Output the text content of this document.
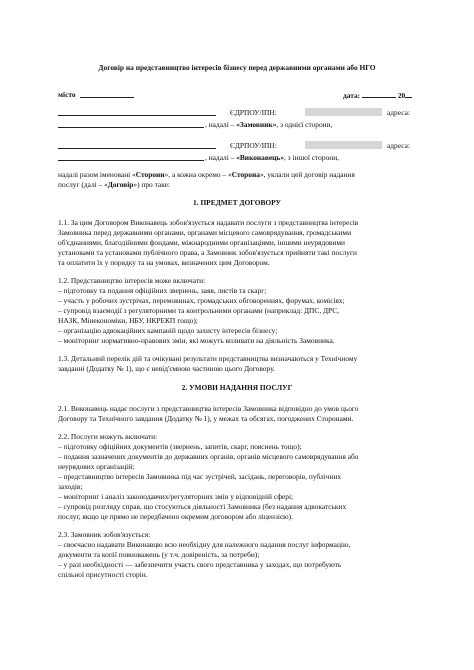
Договір на представництво інтересів бізнесу перед державними органами або НГО
місто	дата:	20
ЄДРПОУ/ІПН:	адреса:
, надалі – «Замовник», з однієї сторони,
ЄДРПОУ/ІПН:	адреса:
, надалі – «Виконавець», з іншої сторони,
надалі разом іменовані «Сторони», а кожна окремо – «Сторона», уклали цей договір надання
послуг (далі – «Договір») про таке:
1. ПРЕДМЕТ ДОГОВОРУ
1.1. За цим Договором Виконавець зобов'язується надавати послуги з представництва інтересів
Замовника перед державними органами, органами місцевого самоврядування, громадськими
об'єднаннями, благодійними фондами, міжнародними організаціями, іншими неурядовими
установами та установами публічного права, а Замовник зобов'язується прийняти такі послуги
та оплатити їх у порядку та на умовах, визначених цим Договором.
1.2. Представництво інтересів може включати:
– підготовку та подання офіційних звернень, заяв, листів та скарг;
– участь у робочих зустрічах, перемовинах, громадських обговореннях, форумах, комісіях;
– супровід взаємодії з регуляторними та контрольними органами (наприклад: ДПС, ДРС,
НАЗК, Мінекономіки, НБУ, НКРЕКП тощо);
– організацію адвокаційних кампаній щодо захисту інтересів бізнесу;
– моніторинг нормативно-правових змін, які можуть впливати на діяльність Замовника.
1.3. Детальний перелік дій та очікувані результати представництва визначаються у Технічному
завданні (Додатку № 1), що є невід'ємною частиною цього Договору.
2. УМОВИ НАДАННЯ ПОСЛУГ
2.1. Виконавець надає послуги з представництва інтересів Замовника відповідно до умов цього
Договору та Технічного завдання (Додатку № 1), у межах та обсягах, погоджених Сторонами.
2.2. Послуги можуть включати:
– підготовку офіційних документів (звернень, запитів, скарг, пояснень тощо);
– подання зазначених документів до державних органів, органів місцевого самоврядування або
неурядових організацій;
– представництво інтересів Замовника під час зустрічей, засідань, переговорів, публічних
заходів;
– моніторинг і аналіз законодавчих/регуляторних змін у відповідній сфері;
– супровід розгляду справ, що стосуються діяльності Замовника (без надання адвокатських
послуг, якщо це прямо не передбачено окремим договором або ліцензією).
2.3. Замовник зобов'язується:
– своєчасно надавати Виконавцю всю необхідну для належного надання послуг інформацію,
документи та копії повноважень (у т.ч. довіреність, за потреби);
– у разі необхідності — забезпечити участь свого представника у заходах, що потребують
спільної присутності сторін.
